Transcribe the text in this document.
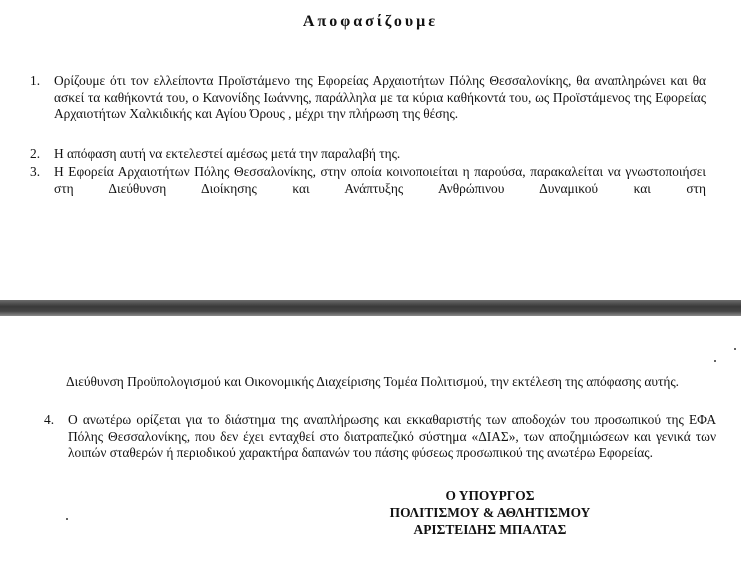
Αποφασίζουμε
1. Ορίζουμε ότι τον ελλείποντα Προϊστάμενο της Εφορείας Αρχαιοτήτων Πόλης Θεσσαλονίκης, θα αναπληρώνει και θα ασκεί τα καθήκοντά του, ο Κανονίδης Ιωάννης, παράλληλα με τα κύρια καθήκοντά του, ως Προϊστάμενος της Εφορείας Αρχαιοτήτων Χαλκιδικής και Αγίου Όρους , μέχρι την πλήρωση της θέσης.
2. Η απόφαση αυτή να εκτελεστεί αμέσως μετά την παραλαβή της.
3. Η Εφορεία Αρχαιοτήτων Πόλης Θεσσαλονίκης, στην οποία κοινοποιείται η παρούσα, παρακαλείται να γνωστοποιήσει στη Διεύθυνση Διοίκησης και Ανάπτυξης Ανθρώπινου Δυναμικού και στη
Διεύθυνση Προϋπολογισμού και Οικονομικής Διαχείρισης Τομέα Πολιτισμού, την εκτέλεση της απόφασης αυτής.
4. Ο ανωτέρω ορίζεται για το διάστημα της αναπλήρωσης και εκκαθαριστής των αποδοχών του προσωπικού της ΕΦΑ Πόλης Θεσσαλονίκης, που δεν έχει ενταχθεί στο διατραπεζικό σύστημα «ΔΙΑΣ», των αποζημιώσεων και γενικά των λοιπών σταθερών ή περιοδικού χαρακτήρα δαπανών του πάσης φύσεως προσωπικού της ανωτέρω Εφορείας.
Ο ΥΠΟΥΡΓΟΣ
ΠΟΛΙΤΙΣΜΟΥ & ΑΘΛΗΤΙΣΜΟΥ
ΑΡΙΣΤΕΙΔΗΣ ΜΠΑΛΤΑΣ
